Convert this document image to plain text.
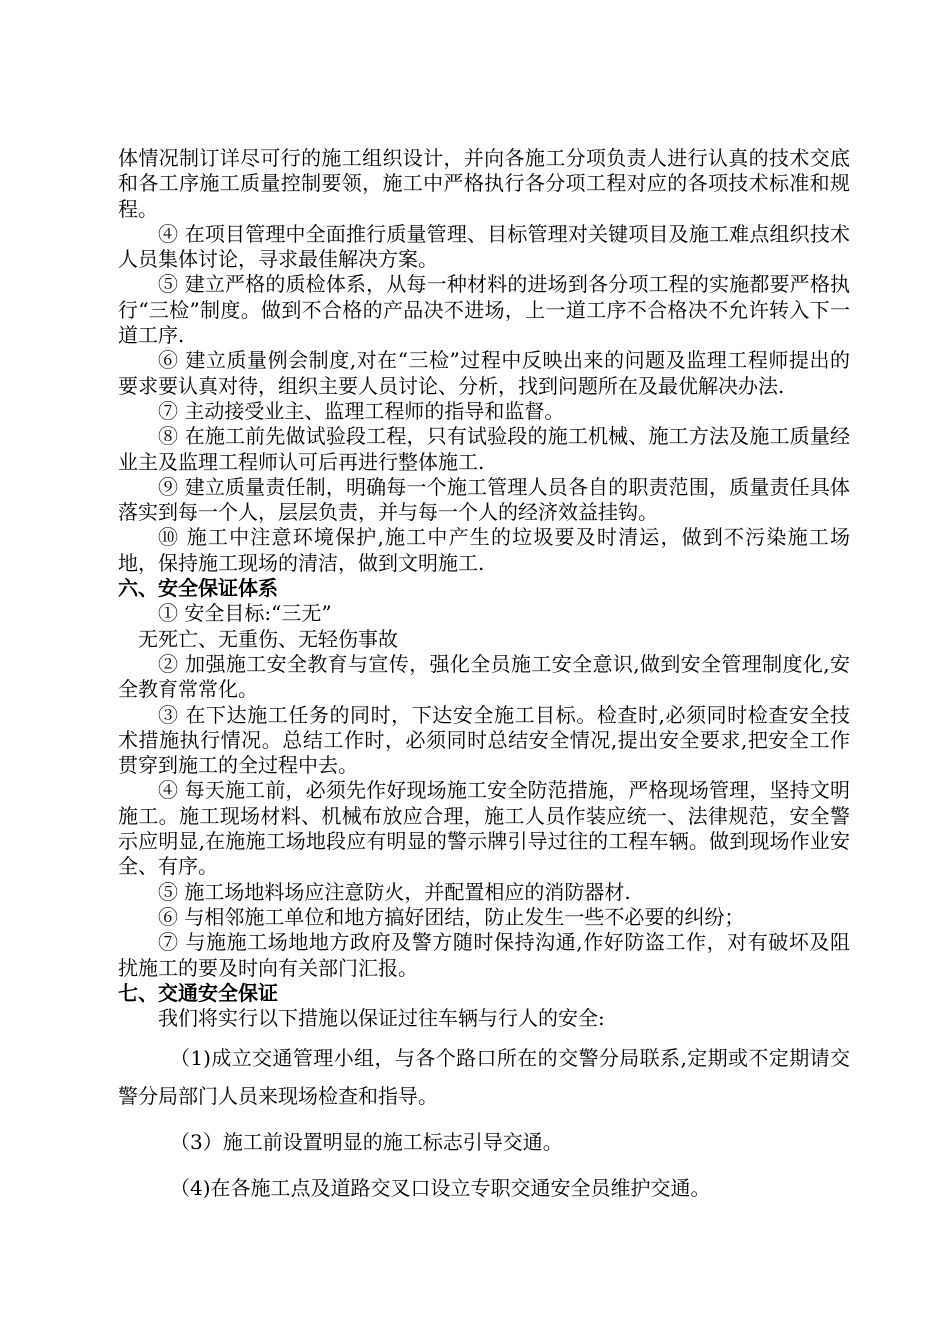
体情况制订详尽可行的施工组织设计，并向各施工分项负责人进行认真的技术交底和各工序施工质量控制要领，施工中严格执行各分项工程对应的各项技术标准和规程。

④ 在项目管理中全面推行质量管理、目标管理对关键项目及施工难点组织技术人员集体讨论，寻求最佳解决方案。

⑤ 建立严格的质检体系，从每一种材料的进场到各分项工程的实施都要严格执行“三检”制度。做到不合格的产品决不进场，上一道工序不合格决不允许转入下一道工序.

⑥ 建立质量例会制度,对在“三检”过程中反映出来的问题及监理工程师提出的要求要认真对待，组织主要人员讨论、分析，找到问题所在及最优解决办法.

⑦ 主动接受业主、监理工程师的指导和监督。

⑧ 在施工前先做试验段工程，只有试验段的施工机械、施工方法及施工质量经业主及监理工程师认可后再进行整体施工.

⑨ 建立质量责任制，明确每一个施工管理人员各自的职责范围，质量责任具体落实到每一个人，层层负责，并与每一个人的经济效益挂钩。

⑩ 施工中注意环境保护,施工中产生的垃圾要及时清运，做到不污染施工场地，保持施工现场的清洁，做到文明施工.

六、安全保证体系

① 安全目标:“三无”

无死亡、无重伤、无轻伤事故

② 加强施工安全教育与宣传，强化全员施工安全意识,做到安全管理制度化,安全教育常常化。

③ 在下达施工任务的同时，下达安全施工目标。检查时,必须同时检查安全技术措施执行情况。总结工作时，必须同时总结安全情况,提出安全要求,把安全工作贯穿到施工的全过程中去。

④ 每天施工前，必须先作好现场施工安全防范措施，严格现场管理，坚持文明施工。施工现场材料、机械布放应合理，施工人员作装应统一、法律规范，安全警示应明显,在施施工场地段应有明显的警示牌引导过往的工程车辆。做到现场作业安全、有序。

⑤ 施工场地料场应注意防火，并配置相应的消防器材.

⑥ 与相邻施工单位和地方搞好团结，防止发生一些不必要的纠纷；

⑦ 与施施工场地地方政府及警方随时保持沟通,作好防盗工作，对有破坏及阻扰施工的要及时向有关部门汇报。

七、交通安全保证

我们将实行以下措施以保证过往车辆与行人的安全:

（1)成立交通管理小组，与各个路口所在的交警分局联系,定期或不定期请交警分局部门人员来现场检查和指导。

（3）施工前设置明显的施工标志引导交通。

（4)在各施工点及道路交叉口设立专职交通安全员维护交通。
